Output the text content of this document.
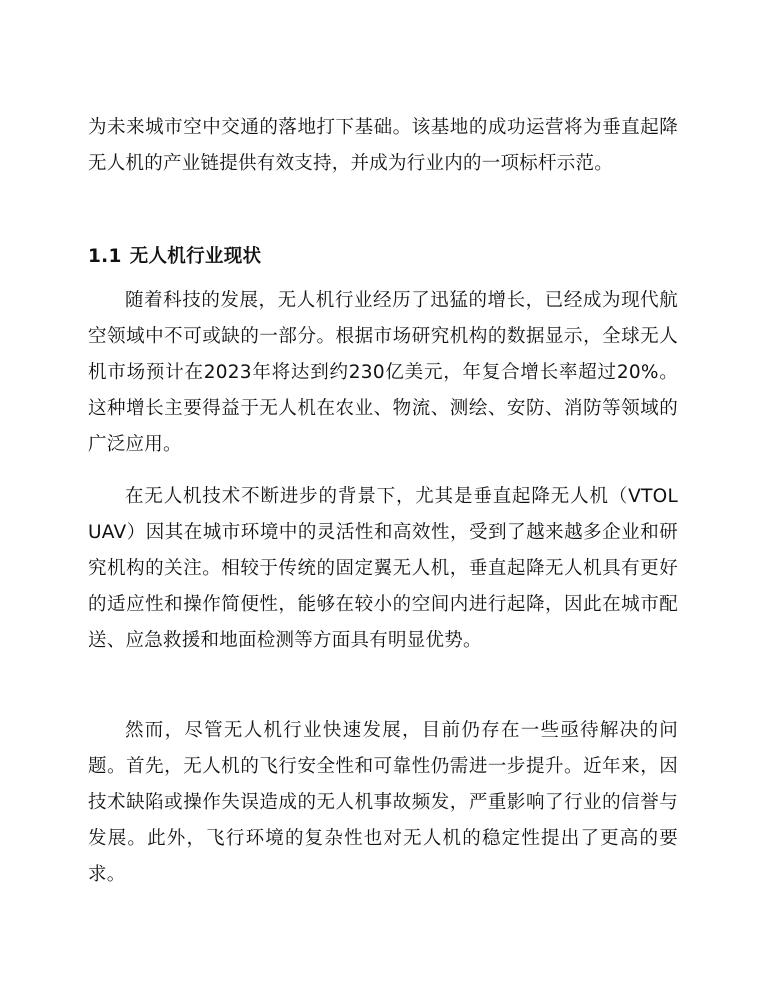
为未来城市空中交通的落地打下基础。该基地的成功运营将为垂直起降无人机的产业链提供有效支持，并成为行业内的一项标杆示范。

1.1 无人机行业现状

随着科技的发展，无人机行业经历了迅猛的增长，已经成为现代航空领域中不可或缺的一部分。根据市场研究机构的数据显示，全球无人机市场预计在2023年将达到约230亿美元，年复合增长率超过20%。这种增长主要得益于无人机在农业、物流、测绘、安防、消防等领域的广泛应用。

在无人机技术不断进步的背景下，尤其是垂直起降无人机（VTOL UAV）因其在城市环境中的灵活性和高效性，受到了越来越多企业和研究机构的关注。相较于传统的固定翼无人机，垂直起降无人机具有更好的适应性和操作简便性，能够在较小的空间内进行起降，因此在城市配送、应急救援和地面检测等方面具有明显优势。

然而，尽管无人机行业快速发展，目前仍存在一些亟待解决的问题。首先，无人机的飞行安全性和可靠性仍需进一步提升。近年来，因技术缺陷或操作失误造成的无人机事故频发，严重影响了行业的信誉与发展。此外，飞行环境的复杂性也对无人机的稳定性提出了更高的要求。
